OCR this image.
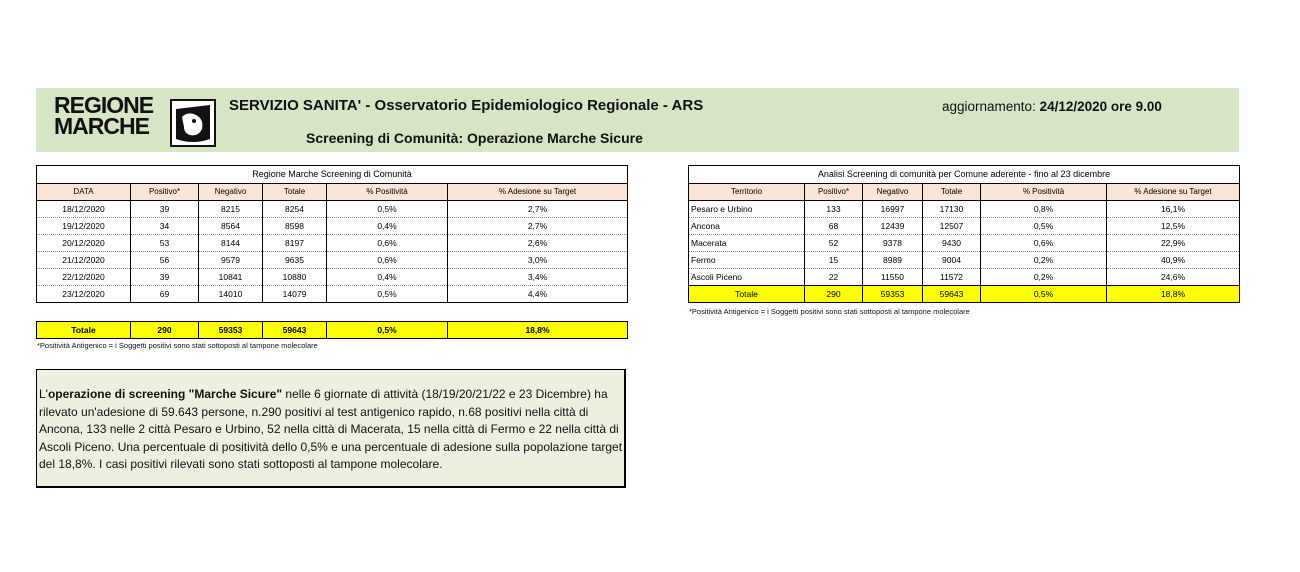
REGIONE
MARCHE
SERVIZIO SANITA' - Osservatorio Epidemiologico Regionale - ARS
Screening di Comunità: Operazione Marche Sicure
aggiornamento: 24/12/2020 ore 9.00
Regione Marche Screening di Comunità					
DATA	Positivo*	Negativo	Totale	% Positività	% Adesione su Target
18/12/2020	39	8215	8254	0,5%	2,7%
19/12/2020	34	8564	8598	0,4%	2,7%
20/12/2020	53	8144	8197	0,6%	2,6%
21/12/2020	56	9579	9635	0,6%	3,0%
22/12/2020	39	10841	10880	0,4%	3,4%
23/12/2020	69	14010	14079	0,5%	4,4%
Totale	290	59353	59643	0,5%	18,8%
*Positività Antigenico = i Soggetti positivi sono stati sottoposti al tampone molecolare
Analisi Screening di comunità per Comune aderente - fino al 23 dicembre					
Territorio	Positivo*	Negativo	Totale	% Positività	% Adesione su Target
Pesaro e Urbino	133	16997	17130	0,8%	16,1%
Ancona	68	12439	12507	0,5%	12,5%
Macerata	52	9378	9430	0,6%	22,9%
Fermo	15	8989	9004	0,2%	40,9%
Ascoli Piceno	22	11550	11572	0,2%	24,6%
Totale	290	59353	59643	0,5%	18,8%
*Positività Antigenico = i Soggetti positivi sono stati sottoposti al tampone molecolare

L'operazione di screening "Marche Sicure" nelle 6 giornate di attività (18/19/20/21/22 e 23 Dicembre) ha rilevato un'adesione di 59.643 persone, n.290 positivi al test antigenico rapido, n.68 positivi nella città di Ancona, 133 nelle 2 città Pesaro e Urbino, 52 nella città di Macerata, 15 nella città di Fermo e 22 nella città di Ascoli Piceno. Una percentuale di positività dello 0,5% e una percentuale di adesione sulla popolazione target del 18,8%. I casi positivi rilevati sono stati sottoposti al tampone molecolare.
